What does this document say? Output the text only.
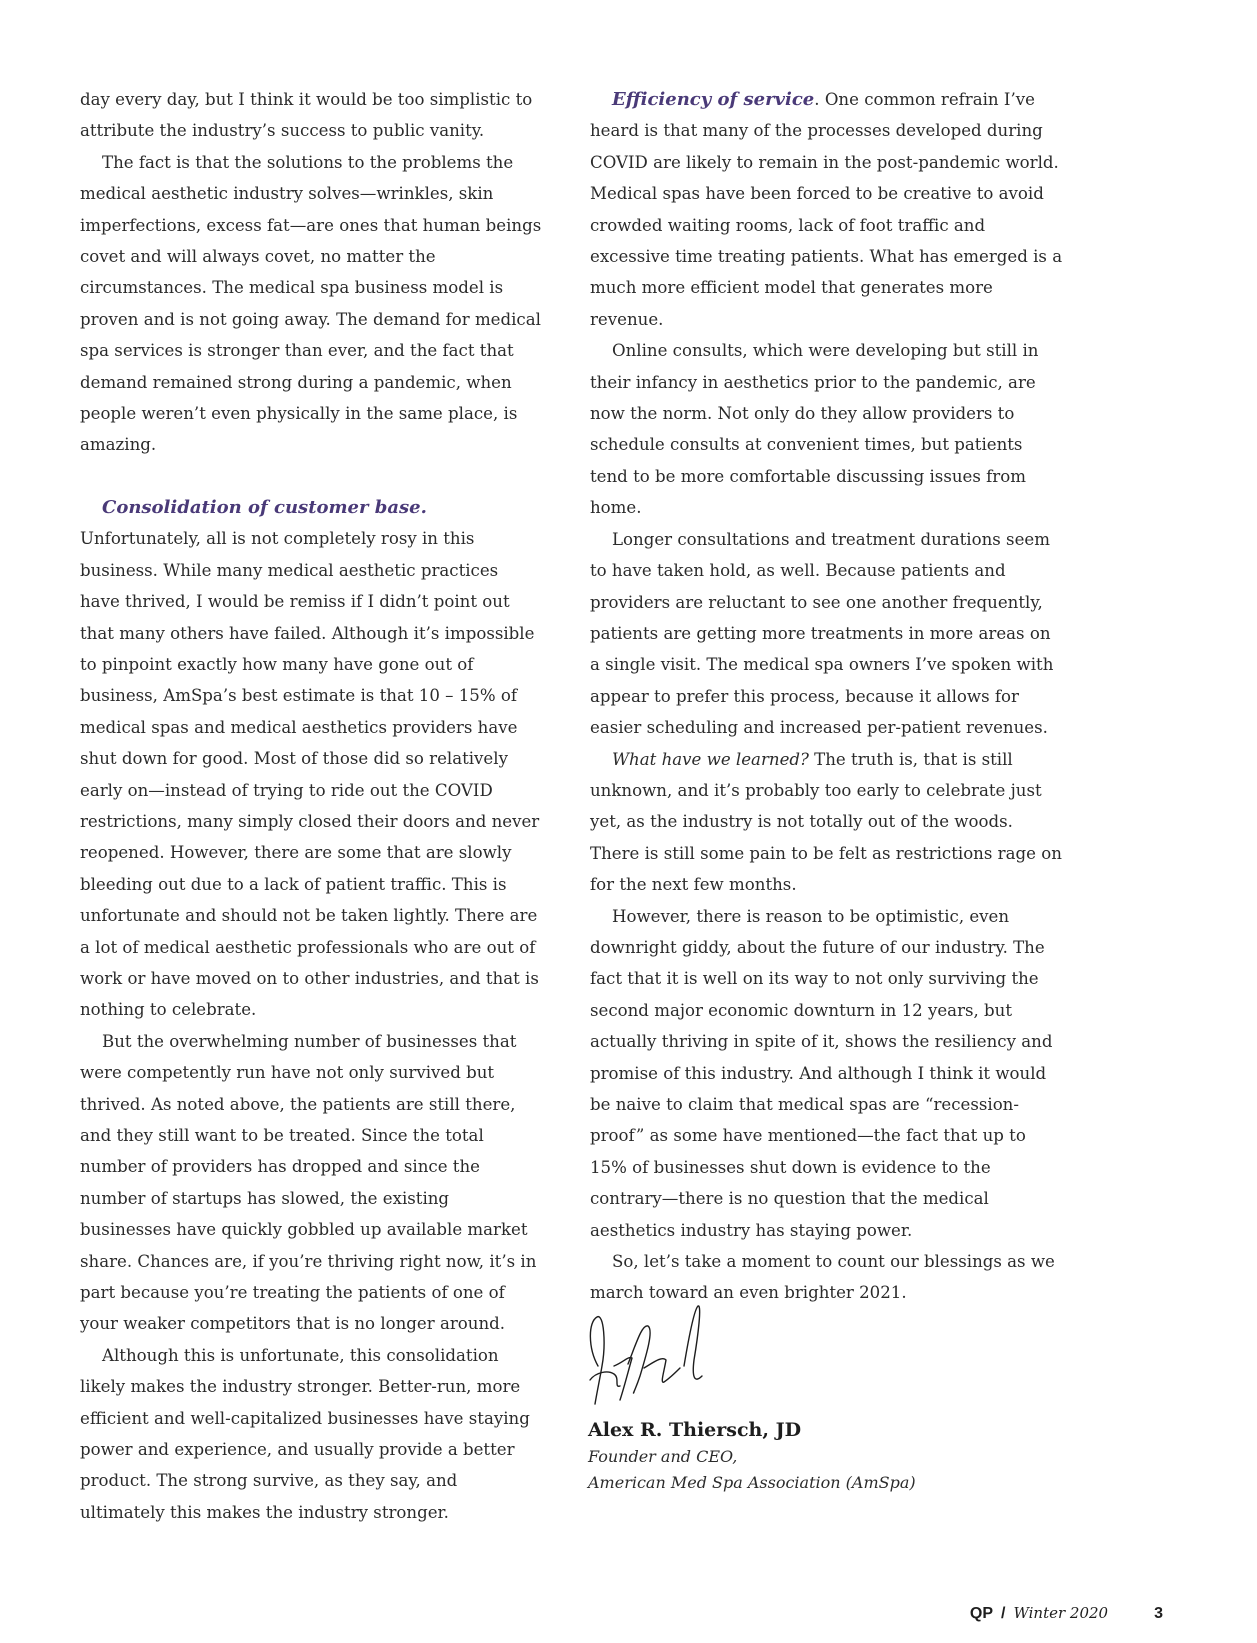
day every day, but I think it would be too simplistic to attribute the industry’s success to public vanity.

The fact is that the solutions to the problems the medical aesthetic industry solves—wrinkles, skin imperfections, excess fat—are ones that human beings covet and will always covet, no matter the circumstances. The medical spa business model is proven and is not going away. The demand for medical spa services is stronger than ever, and the fact that demand remained strong during a pandemic, when people weren’t even physically in the same place, is amazing.

Consolidation of customer base. Unfortunately, all is not completely rosy in this business. While many medical aesthetic practices have thrived, I would be remiss if I didn’t point out that many others have failed. Although it’s impossible to pinpoint exactly how many have gone out of business, AmSpa’s best estimate is that 10 – 15% of medical spas and medical aesthetics providers have shut down for good. Most of those did so relatively early on—instead of trying to ride out the COVID restrictions, many simply closed their doors and never reopened. However, there are some that are slowly bleeding out due to a lack of patient traffic. This is unfortunate and should not be taken lightly. There are a lot of medical aesthetic professionals who are out of work or have moved on to other industries, and that is nothing to celebrate.

But the overwhelming number of businesses that were competently run have not only survived but thrived. As noted above, the patients are still there, and they still want to be treated. Since the total number of providers has dropped and since the number of startups has slowed, the existing businesses have quickly gobbled up available market share. Chances are, if you’re thriving right now, it’s in part because you’re treating the patients of one of your weaker competitors that is no longer around.

Although this is unfortunate, this consolidation likely makes the industry stronger. Better-run, more efficient and well-capitalized businesses have staying power and experience, and usually provide a better product. The strong survive, as they say, and ultimately this makes the industry stronger.

Efficiency of service. One common refrain I’ve heard is that many of the processes developed during COVID are likely to remain in the post-pandemic world. Medical spas have been forced to be creative to avoid crowded waiting rooms, lack of foot traffic and excessive time treating patients. What has emerged is a much more efficient model that generates more revenue.

Online consults, which were developing but still in their infancy in aesthetics prior to the pandemic, are now the norm. Not only do they allow providers to schedule consults at convenient times, but patients tend to be more comfortable discussing issues from home.

Longer consultations and treatment durations seem to have taken hold, as well. Because patients and providers are reluctant to see one another frequently, patients are getting more treatments in more areas on a single visit. The medical spa owners I’ve spoken with appear to prefer this process, because it allows for easier scheduling and increased per-patient revenues.

What have we learned? The truth is, that is still unknown, and it’s probably too early to celebrate just yet, as the industry is not totally out of the woods. There is still some pain to be felt as restrictions rage on for the next few months.

However, there is reason to be optimistic, even downright giddy, about the future of our industry. The fact that it is well on its way to not only surviving the second major economic downturn in 12 years, but actually thriving in spite of it, shows the resiliency and promise of this industry. And although I think it would be naive to claim that medical spas are “recession-proof” as some have mentioned—the fact that up to 15% of businesses shut down is evidence to the contrary—there is no question that the medical aesthetics industry has staying power.

So, let’s take a moment to count our blessings as we march toward an even brighter 2021.

Alex R. Thiersch, JD
Founder and CEO,
American Med Spa Association (AmSpa)
QP / Winter 2020	3
